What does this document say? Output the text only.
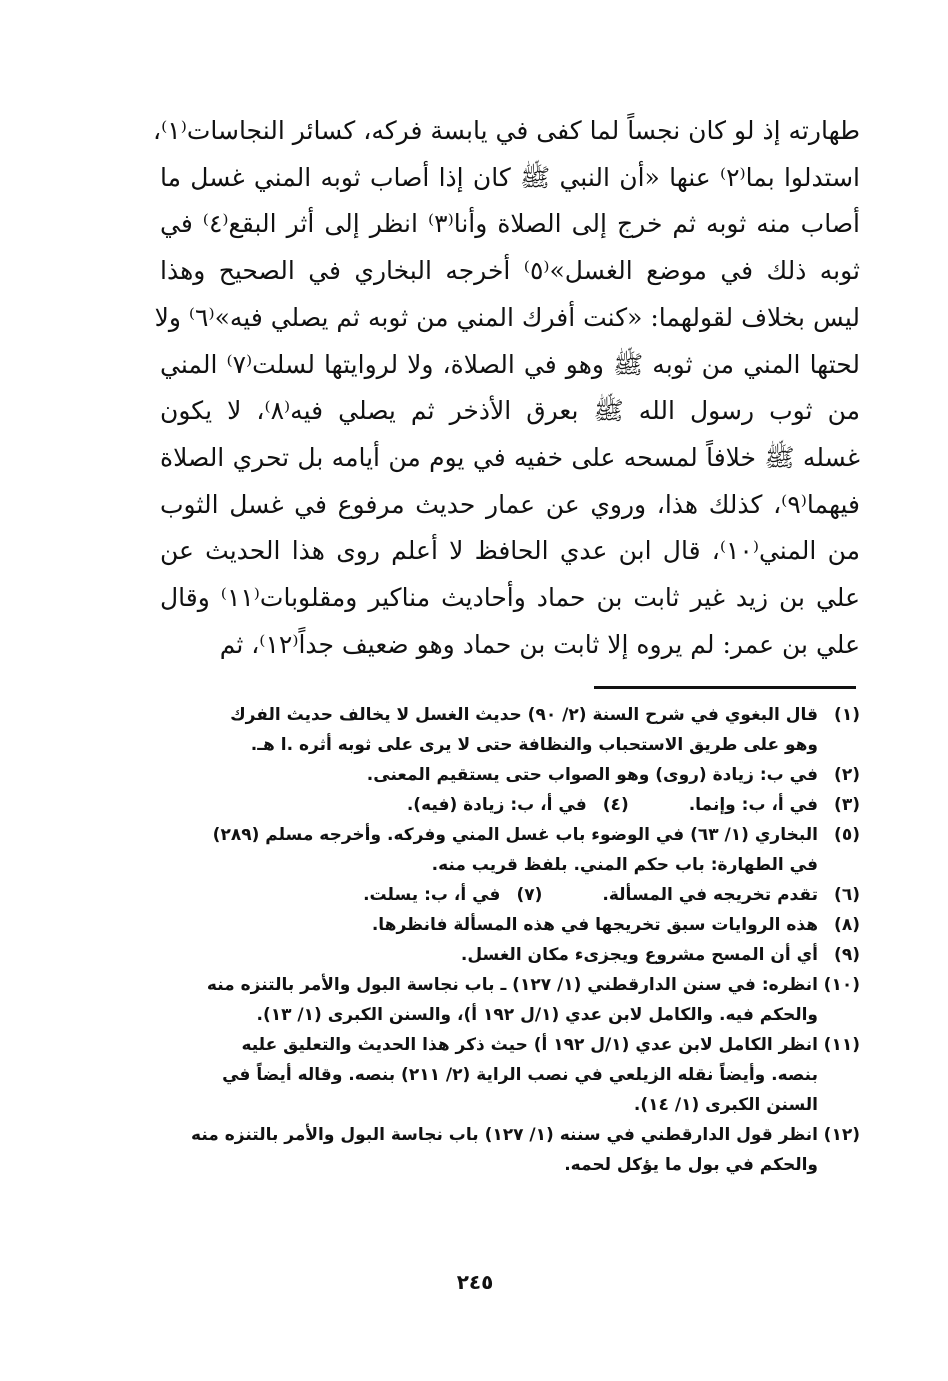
طهارته إذ لو كان نجساً لما كفى في يابسة فركه، كسائر النجاسات⁽١⁾،
استدلوا بما⁽٢⁾ عنها «أن النبي ﷺ كان إذا أصاب ثوبه المني غسل ما
أصاب منه ثوبه ثم خرج إلى الصلاة وأنا⁽٣⁾ انظر إلى أثر البقع⁽٤⁾ في
ثوبه ذلك في موضع الغسل»⁽٥⁾ أخرجه البخاري في الصحيح وهذا
ليس بخلاف لقولهما: «كنت أفرك المني من ثوبه ثم يصلي فيه»⁽٦⁾ ولا
لحتها المني من ثوبه ﷺ وهو في الصلاة، ولا لروايتها لسلت⁽٧⁾ المني
من ثوب رسول الله ﷺ بعرق الأذخر ثم يصلي فيه⁽٨⁾، لا يكون
غسله ﷺ خلافاً لمسحه على خفيه في يوم من أيامه بل تحري الصلاة
فيهما⁽٩⁾، كذلك هذا، وروي عن عمار حديث مرفوع في غسل الثوب
من المني⁽١٠⁾، قال ابن عدي الحافظ لا أعلم روى هذا الحديث عن
علي بن زيد غير ثابت بن حماد وأحاديث مناكير ومقلوبات⁽١١⁾ وقال
علي بن عمر: لم يروه إلا ثابت بن حماد وهو ضعيف جداً⁽١٢⁾، ثم
(١)
قال البغوي في شرح السنة (٢/ ٩٠) حديث الغسل لا يخالف حديث الفرك
وهو على طريق الاستحباب والنظافة حتى لا يرى على ثوبه أثره .ا هـ.
(٢)
في ب: زيادة (روى) وهو الصواب حتى يستقيم المعنى.
(٣)
في أ، ب: وإنما.
(٤)
في أ، ب: زيادة (فيه).
(٥)
البخاري (١/ ٦٣) في الوضوء باب غسل المني وفركه. وأخرجه مسلم (٢٨٩)
في الطهارة: باب حكم المني. بلفظ قريب منه.
(٦)
تقدم تخريجه في المسألة.
(٧)
في أ، ب: يسلت.
(٨)
هذه الروايات سبق تخريجها في هذه المسألة فانظرها.
(٩)
أي أن المسح مشروع ويجزىء مكان الغسل.
(١٠)
انظره: في سنن الدارقطني (١/ ١٢٧) ـ باب نجاسة البول والأمر بالتنزه منه
والحكم فيه. والكامل لابن عدي (١/ل ١٩٢ أ)، والسنن الكبرى (١/ ١٣).
(١١)
انظر الكامل لابن عدي (١/ل ١٩٢ أ) حيث ذكر هذا الحديث والتعليق عليه
بنصه. وأيضاً نقله الزيلعي في نصب الراية (٢/ ٢١١) بنصه. وقاله أيضاً في
السنن الكبرى (١/ ١٤).
(١٢)
انظر قول الدارقطني في سننه (١/ ١٢٧) باب نجاسة البول والأمر بالتنزه منه
والحكم في بول ما يؤكل لحمه.
٢٤٥
